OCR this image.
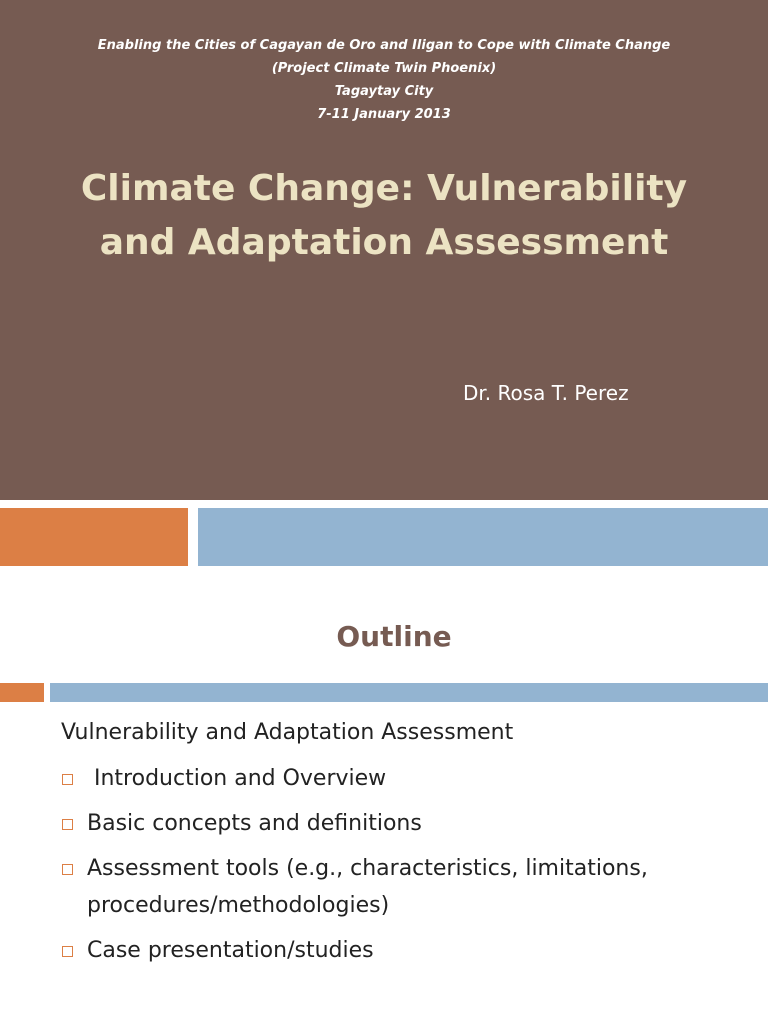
Enabling the Cities of Cagayan de Oro and Iligan to Cope with Climate Change
(Project Climate Twin Phoenix)
Tagaytay City
7-11 January 2013
Climate Change: Vulnerability
and Adaptation Assessment
Dr. Rosa T. Perez
Outline
Vulnerability and Adaptation Assessment
Introduction and Overview
Basic concepts and definitions
Assessment tools (e.g., characteristics, limitations, procedures/methodologies)
Case presentation/studies
